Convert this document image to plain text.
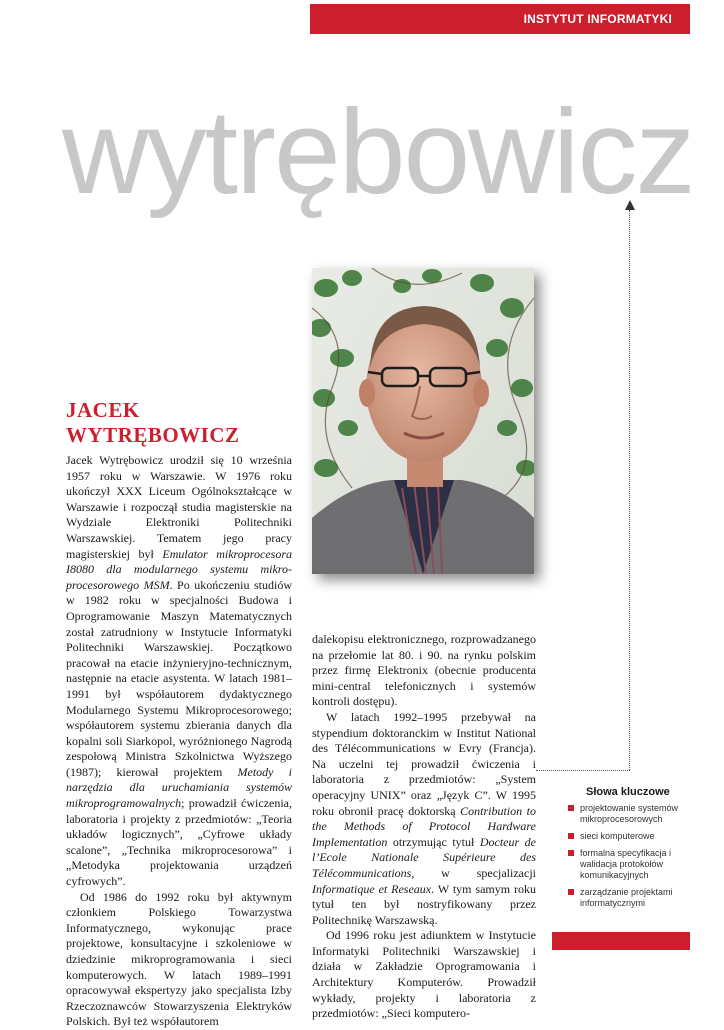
INSTYTUT INFORMATYKI
wytrębowicz
JACEK
WYTRĘBOWICZ

Jacek Wytrębowicz urodził się 10 września 1957 roku w Warszawie. W 1976 roku ukończył XXX Liceum Ogólnokształcące w Warszawie i rozpoczął studia magisterskie na Wydziale Elektroniki Politechniki Warszawskiej. Tematem jego pracy magisterskiej był Emulator mikroprocesora I8080 dla modularnego systemu mikro-procesorowego MSM. Po ukończeniu studiów w 1982 roku w specjalności Budowa i Oprogramowanie Maszyn Matematycznych został zatrudniony w Instytucie Informatyki Politechniki Warszawskiej. Początkowo pracował na etacie inżynieryjno-technicznym, następnie na etacie asystenta. W latach 1981–1991 był współautorem dydaktycznego Modularnego Systemu Mikroprocesorowego; współautorem systemu zbierania danych dla kopalni soli Siarkopol, wyróżnionego Nagrodą zespołową Ministra Szkolnictwa Wyższego (1987); kierował projektem Metody i narzędzia dla uruchamiania systemów mikroprogramowalnych; prowadził ćwiczenia, laboratoria i projekty z przedmiotów: „Teoria układów logicznych”, „Cyfrowe układy scalone”, „Technika mikroprocesorowa” i „Metodyka projektowania urządzeń cyfrowych”.

Od 1986 do 1992 roku był aktywnym członkiem Polskiego Towarzystwa Informatycznego, wykonując prace projektowe, konsultacyjne i szkoleniowe w dziedzinie mikroprogramowania i sieci komputerowych. W latach 1989–1991 opracowywał ekspertyzy jako specjalista Izby Rzeczoznawców Stowarzyszenia Elektryków Polskich. Był też współautorem

dalekopisu elektronicznego, rozprowadzanego na przełomie lat 80. i 90. na rynku polskim przez firmę Elektronix (obecnie producenta mini-central telefonicznych i systemów kontroli dostępu).

W latach 1992–1995 przebywał na stypendium doktoranckim w Institut National des Télécommunications w Evry (Francja). Na uczelni tej prowadził ćwiczenia i laboratoria z przedmiotów: „System operacyjny UNIX” oraz „Język C”. W 1995 roku obronił pracę doktorską Contribution to the Methods of Protocol Hardware Implementation otrzymując tytuł Docteur de l’Ecole Nationale Supérieure des Télécommunications, w specjalizacji Informatique et Reseaux. W tym samym roku tytuł ten był nostryfikowany przez Politechnikę Warszawską.

Od 1996 roku jest adiunktem w Instytucie Informatyki Politechniki Warszawskiej i działa w Zakładzie Oprogramowania i Architektury Komputerów. Prowadził wykłady, projekty i laboratoria z przedmiotów: „Sieci komputero-

Słowa kluczowe
projektowanie systemów mikroprocesorowych
sieci komputerowe
formalna specyfikacja i walidacja protokołów komunikacyjnych
zarządzanie projektami informatycznymi
